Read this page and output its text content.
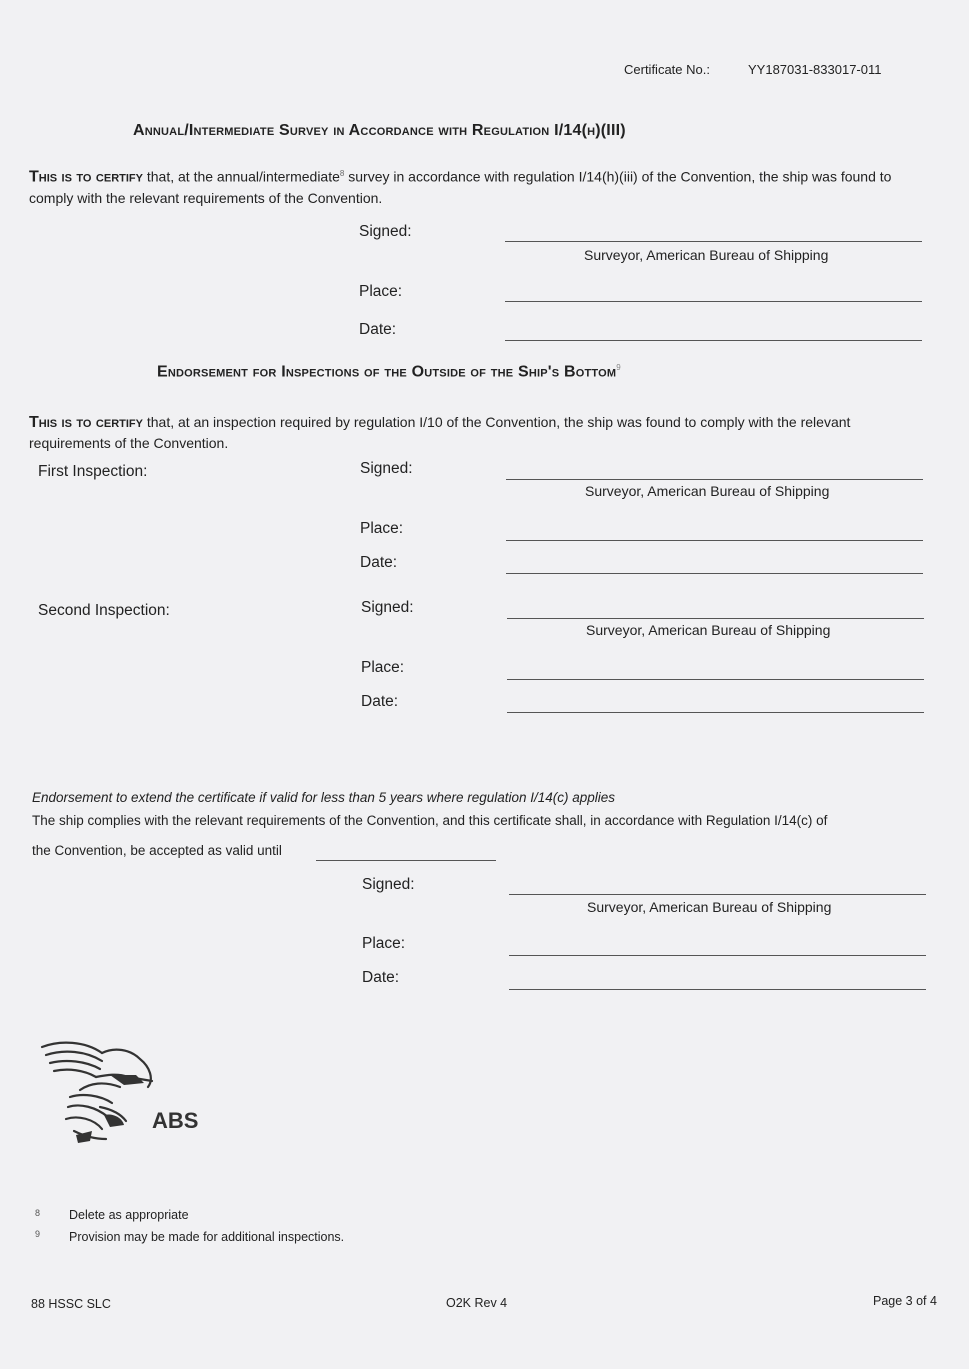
Certificate No.:	YY187031-833017-011
Annual/Intermediate Survey in Accordance with Regulation I/14(h)(III)
This is to certify that, at the annual/intermediate$^8$ survey in accordance with regulation I/14(h)(iii) of the Convention, the ship was found to comply with the relevant requirements of the Convention.
Signed:
Surveyor, American Bureau of Shipping
Place:
Date:
Endorsement for Inspections of the Outside of the Ship's Bottom$^9$
This is to certify that, at an inspection required by regulation I/10 of the Convention, the ship was found to comply with the relevant requirements of the Convention.
First Inspection:	Signed:
Surveyor, American Bureau of Shipping
Place:
Date:
Second Inspection:	Signed:
Surveyor, American Bureau of Shipping
Place:
Date:
Endorsement to extend the certificate if valid for less than 5 years where regulation I/14(c) applies
The ship complies with the relevant requirements of the Convention, and this certificate shall, in accordance with Regulation I/14(c) of
the Convention, be accepted as valid until
Signed:
Surveyor, American Bureau of Shipping
Place:
Date:
ABS
8 Delete as appropriate
9 Provision may be made for additional inspections.
88 HSSC SLC	O2K Rev 4	Page 3 of 4
